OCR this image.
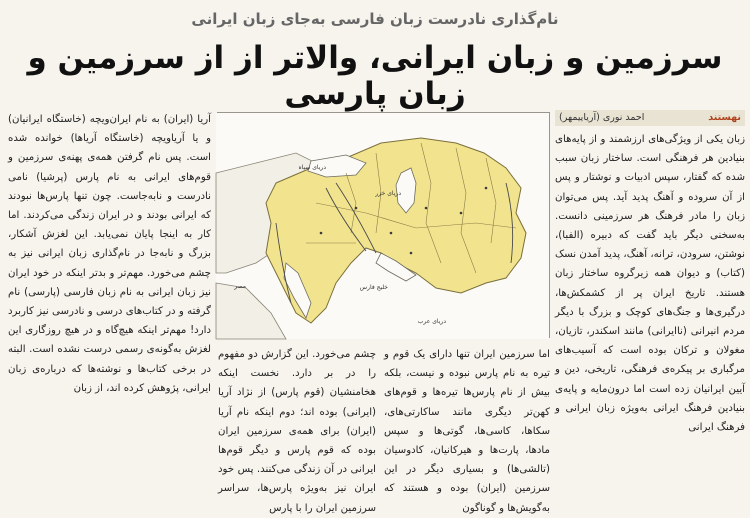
نام‌گذاری نادرست زبان فارسی به‌جای زبان ایرانی
سرزمین و زبان ایرانی، والاتر از از سرزمین و زبان پارسی
نهستند
احمد نوری (آریاییمهر)

زبان یکی از ویژگی‌های ارزشمند و از پایه‌های بنیادین هر فرهنگی است. ساختار زبان سبب شده که گفتار، سپس ادبیات و نوشتار و پس از آن سروده و آهنگ پدید آید. پس می‌توان زبان را مادر فرهنگ هر سرزمینی دانست. به‌سخنی دیگر باید گفت که دبیره (الفبا)، نوشتن، سرودن، ترانه، آهنگ، پدید آمدن نسک (کتاب) و دیوان همه زیرگروه ساختار زبان هستند. تاریخ ایران پر از کشمکش‌ها، درگیری‌ها و جنگ‌های کوچک و بزرگ با دیگر مردم انیرانی (ناایرانی) مانند اسکندر، تازیان، مغولان و ترکان بوده است که آسیب‌های مرگباری بر پیکره‌ی فرهنگی، تاریخی، دین و آیین ایرانیان زده است اما درون‌مایه و پایه‌ی بنیادین فرهنگ ایرانی به‌ویژه زبان ایرانی و فرهنگ ایرانی

آریا (ایران) به نام ایران‌ویچه (خاستگاه ایرانیان) و یا آریاویچه (خاستگاه آریاها) خوانده شده است. پس نام گرفتن همه‌ی پهنه‌ی سرزمین و قوم‌های ایرانی به نام پارس (پرشیا) نامی نادرست و نابه‌جاست. چون تنها پارس‌ها نبودند که ایرانی بودند و در ایران زندگی می‌کردند. اما کار به اینجا پایان نمی‌یابد. این لغزش آشکار، بزرگ و نابه‌جا در نام‌گذاری زبان ایرانی نیز به چشم می‌خورد. مهم‌تر و بدتر اینکه در خود ایران نیز زبان ایرانی به نام زبان فارسی (پارسی) نام گرفته و در کتاب‌های درسی و نادرسی نیز کاربرد دارد! مهم‌تر اینکه هیچ‌گاه و در هیچ روزگاری این لغزش به‌گونه‌ی رسمی درست نشده است. البته در برخی کتاب‌ها و نوشته‌ها که درباره‌ی زبان ایرانی، پژوهش کرده اند، از زبان

اما سرزمین ایران تنها دارای یک قوم و تیره به نام پارس نبوده و نیست، بلکه بیش از نام پارس‌ها تیره‌ها و قوم‌های کهن‌تر دیگری مانند ساکارتی‌های، سکاها، کاسی‌ها، گوتی‌ها و سپس مادها، پارت‌ها و هیرکانیان، کادوسیان (تالشی‌ها) و بسیاری دیگر در این سرزمین (ایران) بوده و هستند که به‌گویش‌ها و گوناگون

چشم می‌خورد. این گزارش دو مفهوم را در بر دارد. نخست اینکه هخامنشیان (قوم پارس) از نژاد آریا (ایرانی) بوده اند؛ دوم اینکه نام آریا (ایران) برای همه‌ی سرزمین ایران بوده که قوم پارس و دیگر قوم‌ها ایرانی در آن زندگی می‌کنند. پس خود ایران نیز به‌ویژه پارس‌ها، سراسر سرزمین ایران را با پارس

دریای خزر
خلیج فارس
دریای عرب
مصر
دریای سیاه
